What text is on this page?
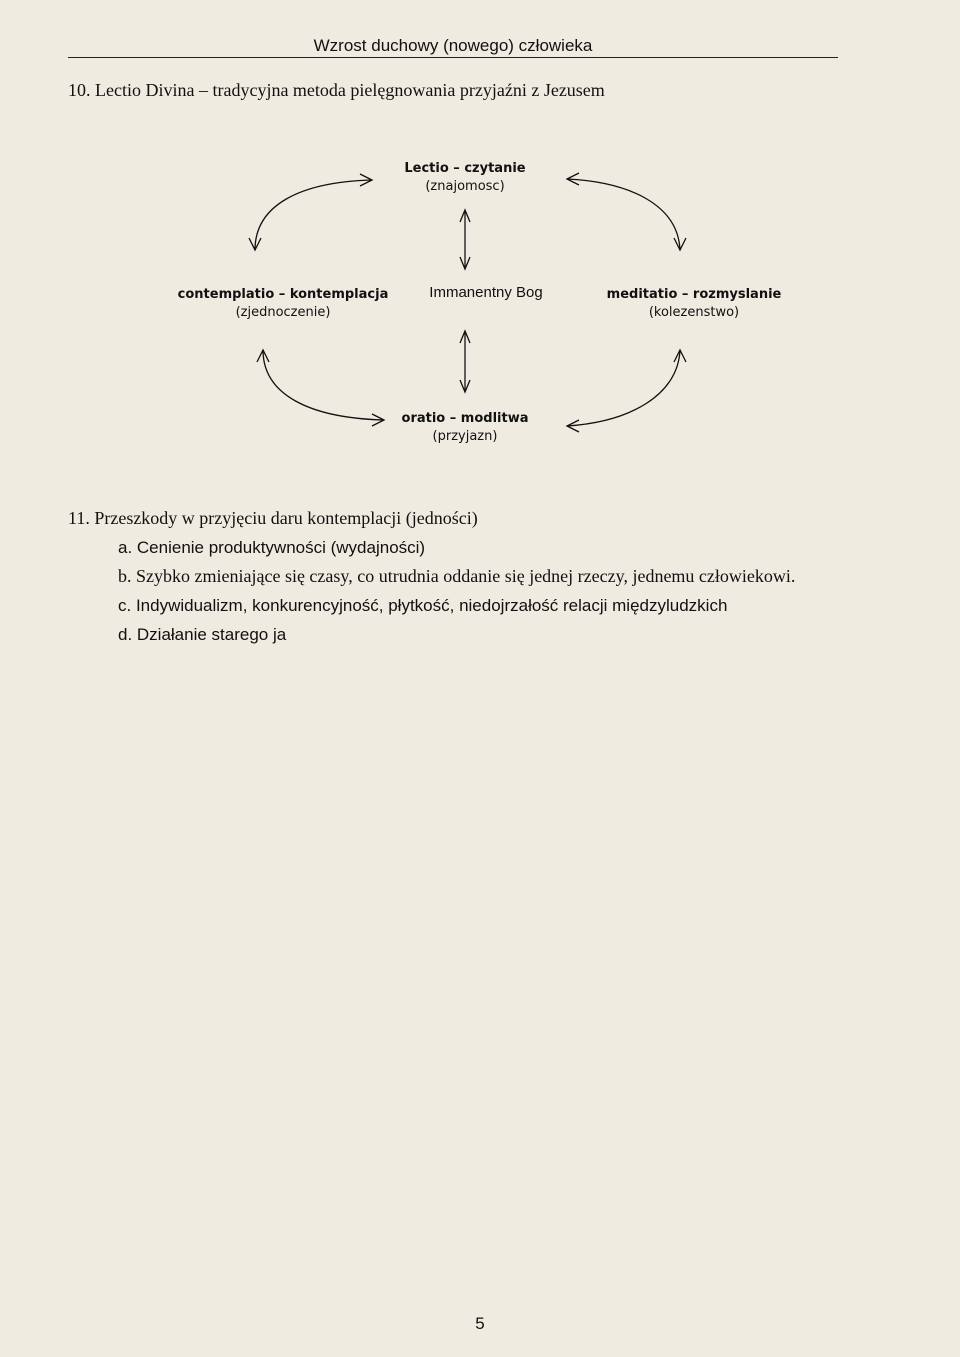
Wzrost duchowy (nowego) człowieka
10. Lectio Divina – tradycyjna metoda pielęgnowania przyjaźni z Jezusem
Lectio – czytanie
(znajomosc)
contemplatio – kontemplacja
(zjednoczenie)
Immanentny Bog	meditatio – rozmyslanie
(kolezenstwo)
oratio – modlitwa
(przyjazn)
11. Przeszkody w przyjęciu daru kontemplacji (jedności)
a. Cenienie produktywności (wydajności)
b. Szybko zmieniające się czasy, co utrudnia oddanie się jednej rzeczy, jednemu człowiekowi.
c. Indywidualizm, konkurencyjność, płytkość, niedojrzałość relacji międzyludzkich
d. Działanie starego ja
5
